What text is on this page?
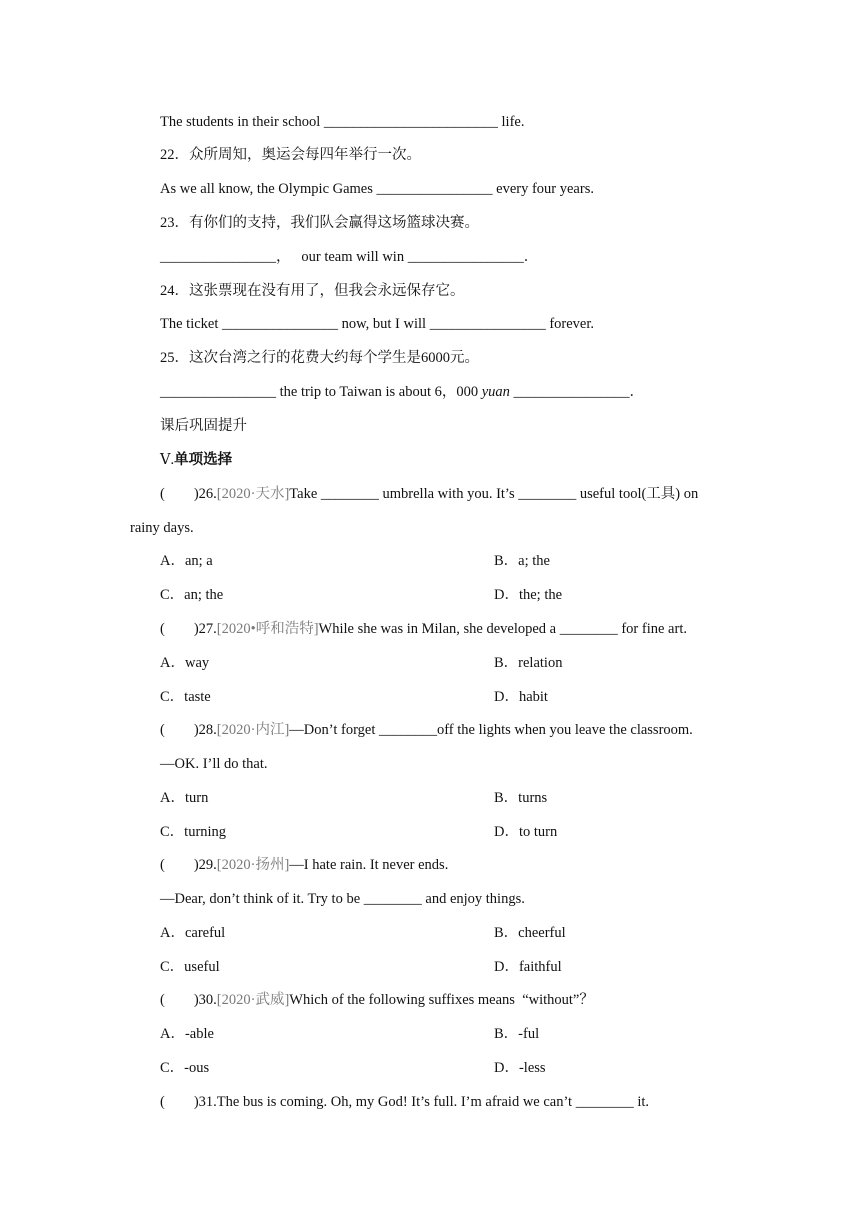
The students in their school ________________________ life.
22．众所周知，奥运会每四年举行一次。
As we all know, the Olympic Games ________________ every four years.
23．有你们的支持，我们队会赢得这场篮球决赛。
________________，   our team will win ________________．
24．这张票现在没有用了，但我会永远保存它。
The ticket ________________ now, but I will ________________ forever.
25．这次台湾之行的花费大约每个学生是6000元。
________________ the trip to Taiwan is about 6，000 yuan ________________．
课后巩固提升
Ⅴ.单项选择
(        )26.[2020·天水]Take ________ umbrella with you. It’s ________ useful tool(工具) on
rainy days.
A．an; a	B．a; the
C．an; the	D．the; the
(        )27.[2020•呼和浩特]While she was in Milan, she developed a ________ for fine art.
A．way	B．relation
C．taste	D．habit
(        )28.[2020·内江]—Don’t forget ________off the lights when you leave the classroom.
—OK. I’ll do that.
A．turn	B．turns
C．turning	D．to turn
(        )29.[2020·扬州]—I hate rain. It never ends.
—Dear, don’t think of it. Try to be ________ and enjoy things.
A．careful	B．cheerful
C．useful	D．faithful
(        )30.[2020·武威]Which of the following suffixes means  “without”？
A．-able	B．-ful
C．-ous	D．-less
(        )31.The bus is coming. Oh, my God! It’s full. I’m afraid we can’t ________ it.
